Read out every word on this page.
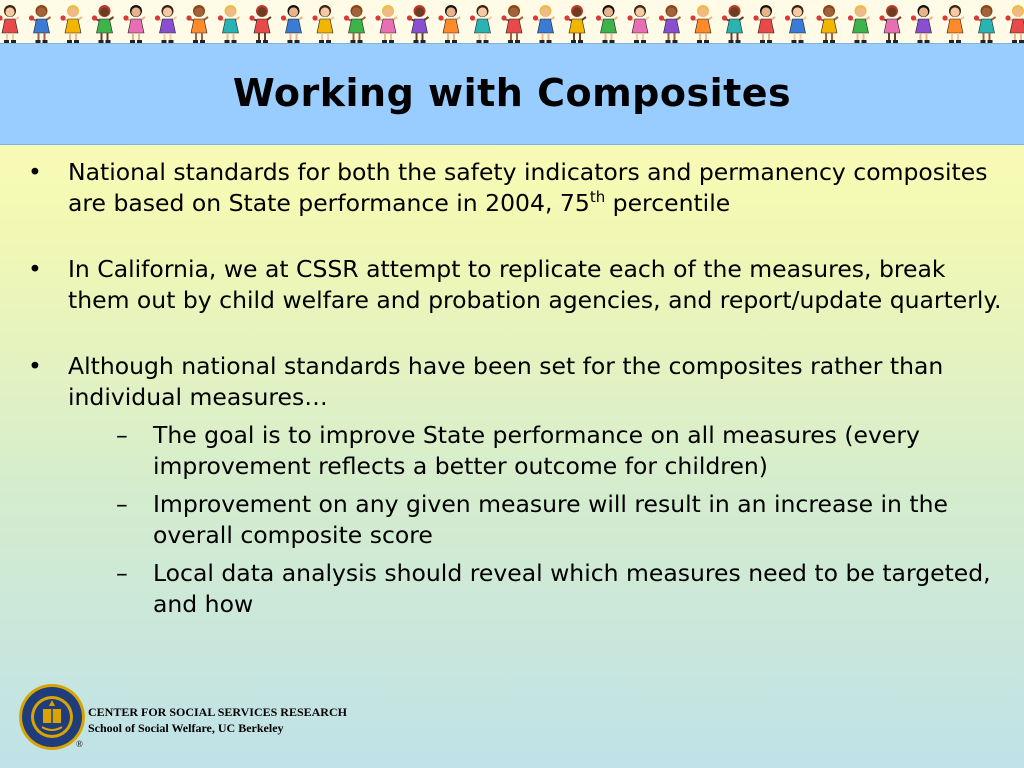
Working with Composites
• National standards for both the safety indicators and permanency composites are based on State performance in 2004, 75th percentile
• In California, we at CSSR attempt to replicate each of the measures, break them out by child welfare and probation agencies, and report/update quarterly.
• Although national standards have been set for the composites rather than individual measures…
– The goal is to improve State performance on all measures (every improvement reflects a better outcome for children)
– Improvement on any given measure will result in an increase in the overall composite score
– Local data analysis should reveal which measures need to be targeted, and how
®
CENTER FOR SOCIAL SERVICES RESEARCH
School of Social Welfare, UC Berkeley
